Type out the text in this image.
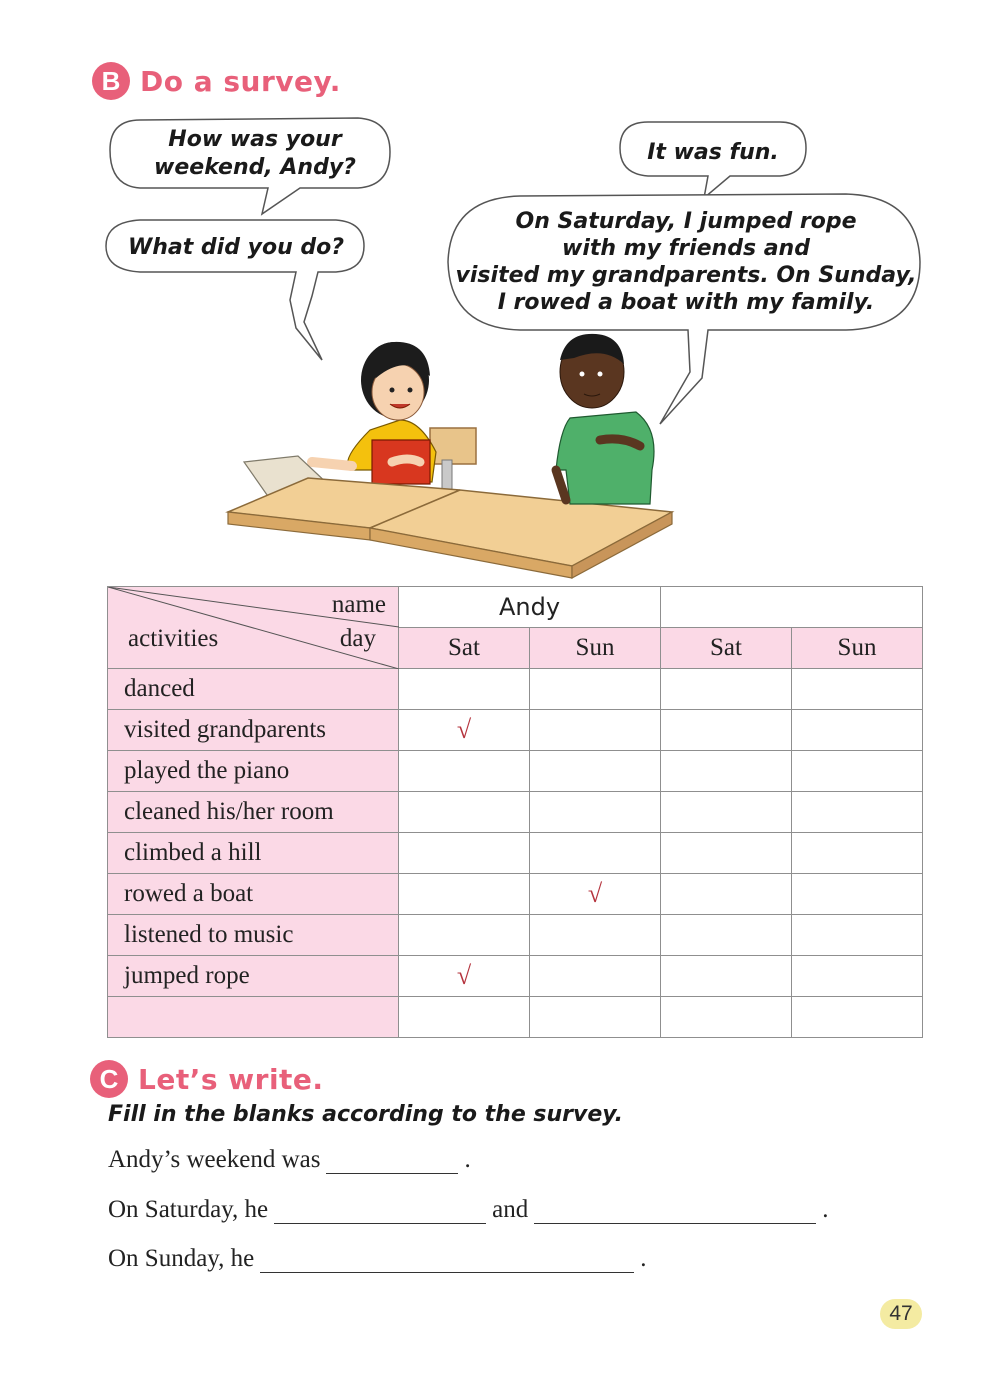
B Do a survey.
How was your
weekend, Andy?
What did you do?
It was fun.
On Saturday, I jumped rope
with my friends and
visited my grandparents. On Sunday,
I rowed a boat with my family.
name
day
activities	Andy			
	Sat	Sun	Sat	Sun
danced				
visited grandparents	√			
played the piano				
cleaned his/her room				
climbed a hill				
rowed a boat		√		
listened to music				
jumped rope	√			

C Let’s write.
Fill in the blanks according to the survey.
Andy’s weekend was	.
On Saturday, he	and	.
On Sunday, he	.
47
